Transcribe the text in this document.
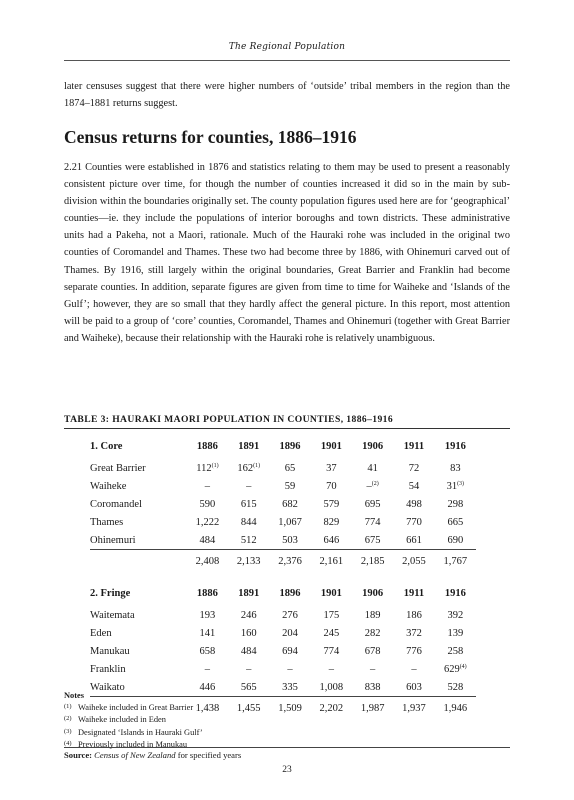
The Regional Population

later censuses suggest that there were higher numbers of ‘outside’ tribal members in the region than the 1874–1881 returns suggest.

Census returns for counties, 1886–1916

2.21 Counties were established in 1876 and statistics relating to them may be used to present a reasonably consistent picture over time, for though the number of counties increased it did so in the main by sub-division within the boundaries originally set. The county population figures used here are for ‘geographical’ counties—ie. they include the populations of interior boroughs and town districts. These administrative units had a Pakeha, not a Maori, rationale. Much of the Hauraki rohe was included in the original two counties of Coromandel and Thames. These two had become three by 1886, with Ohinemuri carved out of Thames. By 1916, still largely within the original boundaries, Great Barrier and Franklin had become separate counties. In addition, separate figures are given from time to time for Waiheke and ‘Islands of the Gulf’; however, they are so small that they hardly affect the general picture. In this report, most attention will be paid to a group of ‘core’ counties, Coromandel, Thames and Ohinemuri (together with Great Barrier and Waiheke), because their relationship with the Hauraki rohe is relatively unambiguous.

TABLE 3: HAURAKI MAORI POPULATION IN COUNTIES, 1886–1916
1. Core	1886	1891	1896	1901	1906	1911	1916
Great Barrier	112$^{(1)}$	162$^{(1)}$	65	37	41	72	83
Waiheke	–	–	59	70	–$^{(2)}$	54	31$^{(3)}$
Coromandel	590	615	682	579	695	498	298
Thames	1,222	844	1,067	829	774	770	665
Ohinemuri	484	512	503	646	675	661	690
	2,408	2,133	2,376	2,161	2,185	2,055	1,767

2. Fringe	1886	1891	1896	1901	1906	1911	1916
Waitemata	193	246	276	175	189	186	392
Eden	141	160	204	245	282	372	139
Manukau	658	484	694	774	678	776	258
Franklin	–	–	–	–	–	–	629$^{(4)}$
Waikato	446	565	335	1,008	838	603	528
	1,438	1,455	1,509	2,202	1,987	1,937	1,946
Notes
(1) Waiheke included in Great Barrier
(2) Waiheke included in Eden
(3) Designated ‘Islands in Hauraki Gulf’
(4) Previously included in Manukau
Source: Census of New Zealand for specified years
23
